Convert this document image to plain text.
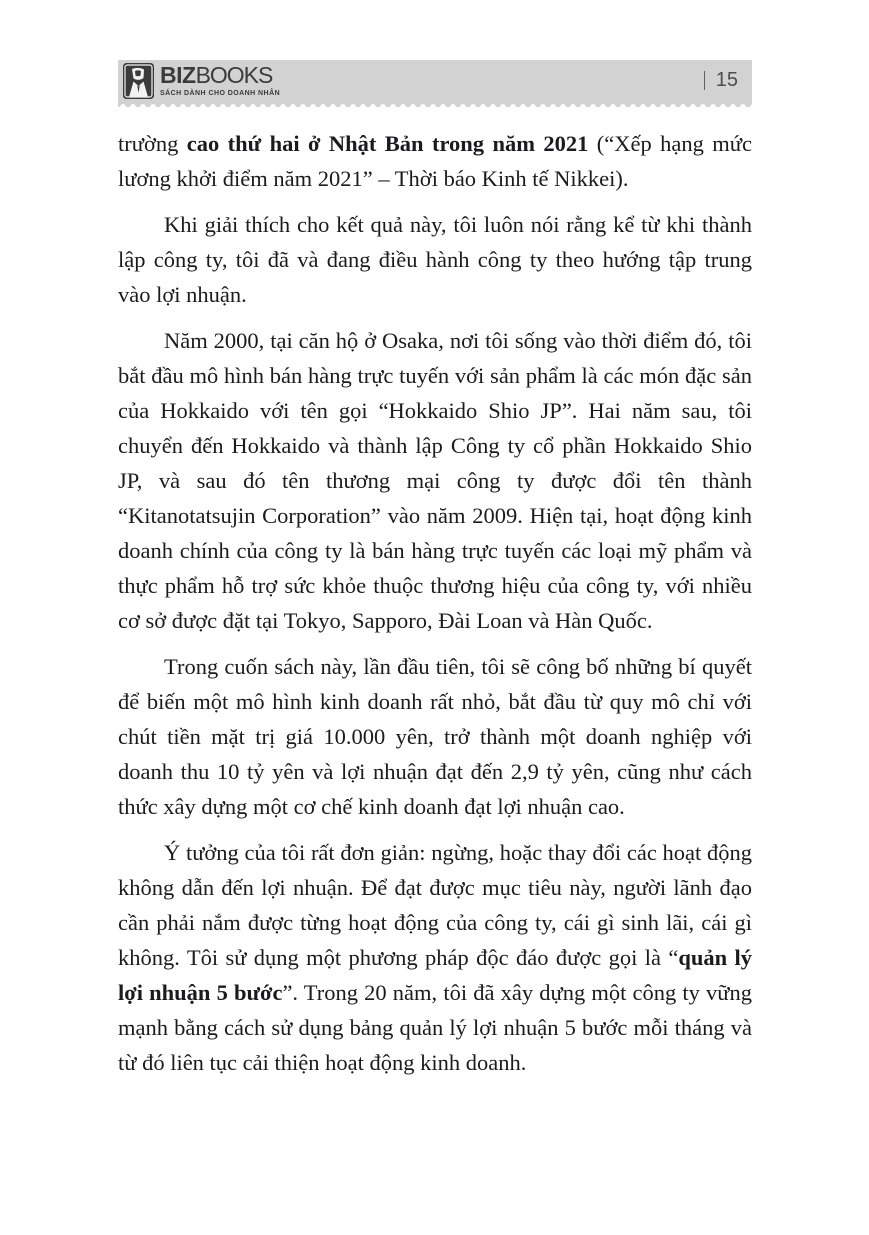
BIZBOOKS
SÁCH DÀNH CHO DOANH NHÂN
| 15

trường cao thứ hai ở Nhật Bản trong năm 2021 (“Xếp hạng mức lương khởi điểm năm 2021” – Thời báo Kinh tế Nikkei).

Khi giải thích cho kết quả này, tôi luôn nói rằng kể từ khi thành lập công ty, tôi đã và đang điều hành công ty theo hướng tập trung vào lợi nhuận.

Năm 2000, tại căn hộ ở Osaka, nơi tôi sống vào thời điểm đó, tôi bắt đầu mô hình bán hàng trực tuyến với sản phẩm là các món đặc sản của Hokkaido với tên gọi “Hokkaido Shio JP”. Hai năm sau, tôi chuyển đến Hokkaido và thành lập Công ty cổ phần Hokkaido Shio JP, và sau đó tên thương mại công ty được đổi tên thành “Kitanotatsujin Corporation” vào năm 2009. Hiện tại, hoạt động kinh doanh chính của công ty là bán hàng trực tuyến các loại mỹ phẩm và thực phẩm hỗ trợ sức khỏe thuộc thương hiệu của công ty, với nhiều cơ sở được đặt tại Tokyo, Sapporo, Đài Loan và Hàn Quốc.

Trong cuốn sách này, lần đầu tiên, tôi sẽ công bố những bí quyết để biến một mô hình kinh doanh rất nhỏ, bắt đầu từ quy mô chỉ với chút tiền mặt trị giá 10.000 yên, trở thành một doanh nghiệp với doanh thu 10 tỷ yên và lợi nhuận đạt đến 2,9 tỷ yên, cũng như cách thức xây dựng một cơ chế kinh doanh đạt lợi nhuận cao.

Ý tưởng của tôi rất đơn giản: ngừng, hoặc thay đổi các hoạt động không dẫn đến lợi nhuận. Để đạt được mục tiêu này, người lãnh đạo cần phải nắm được từng hoạt động của công ty, cái gì sinh lãi, cái gì không. Tôi sử dụng một phương pháp độc đáo được gọi là “quản lý lợi nhuận 5 bước”. Trong 20 năm, tôi đã xây dựng một công ty vững mạnh bằng cách sử dụng bảng quản lý lợi nhuận 5 bước mỗi tháng và từ đó liên tục cải thiện hoạt động kinh doanh.
